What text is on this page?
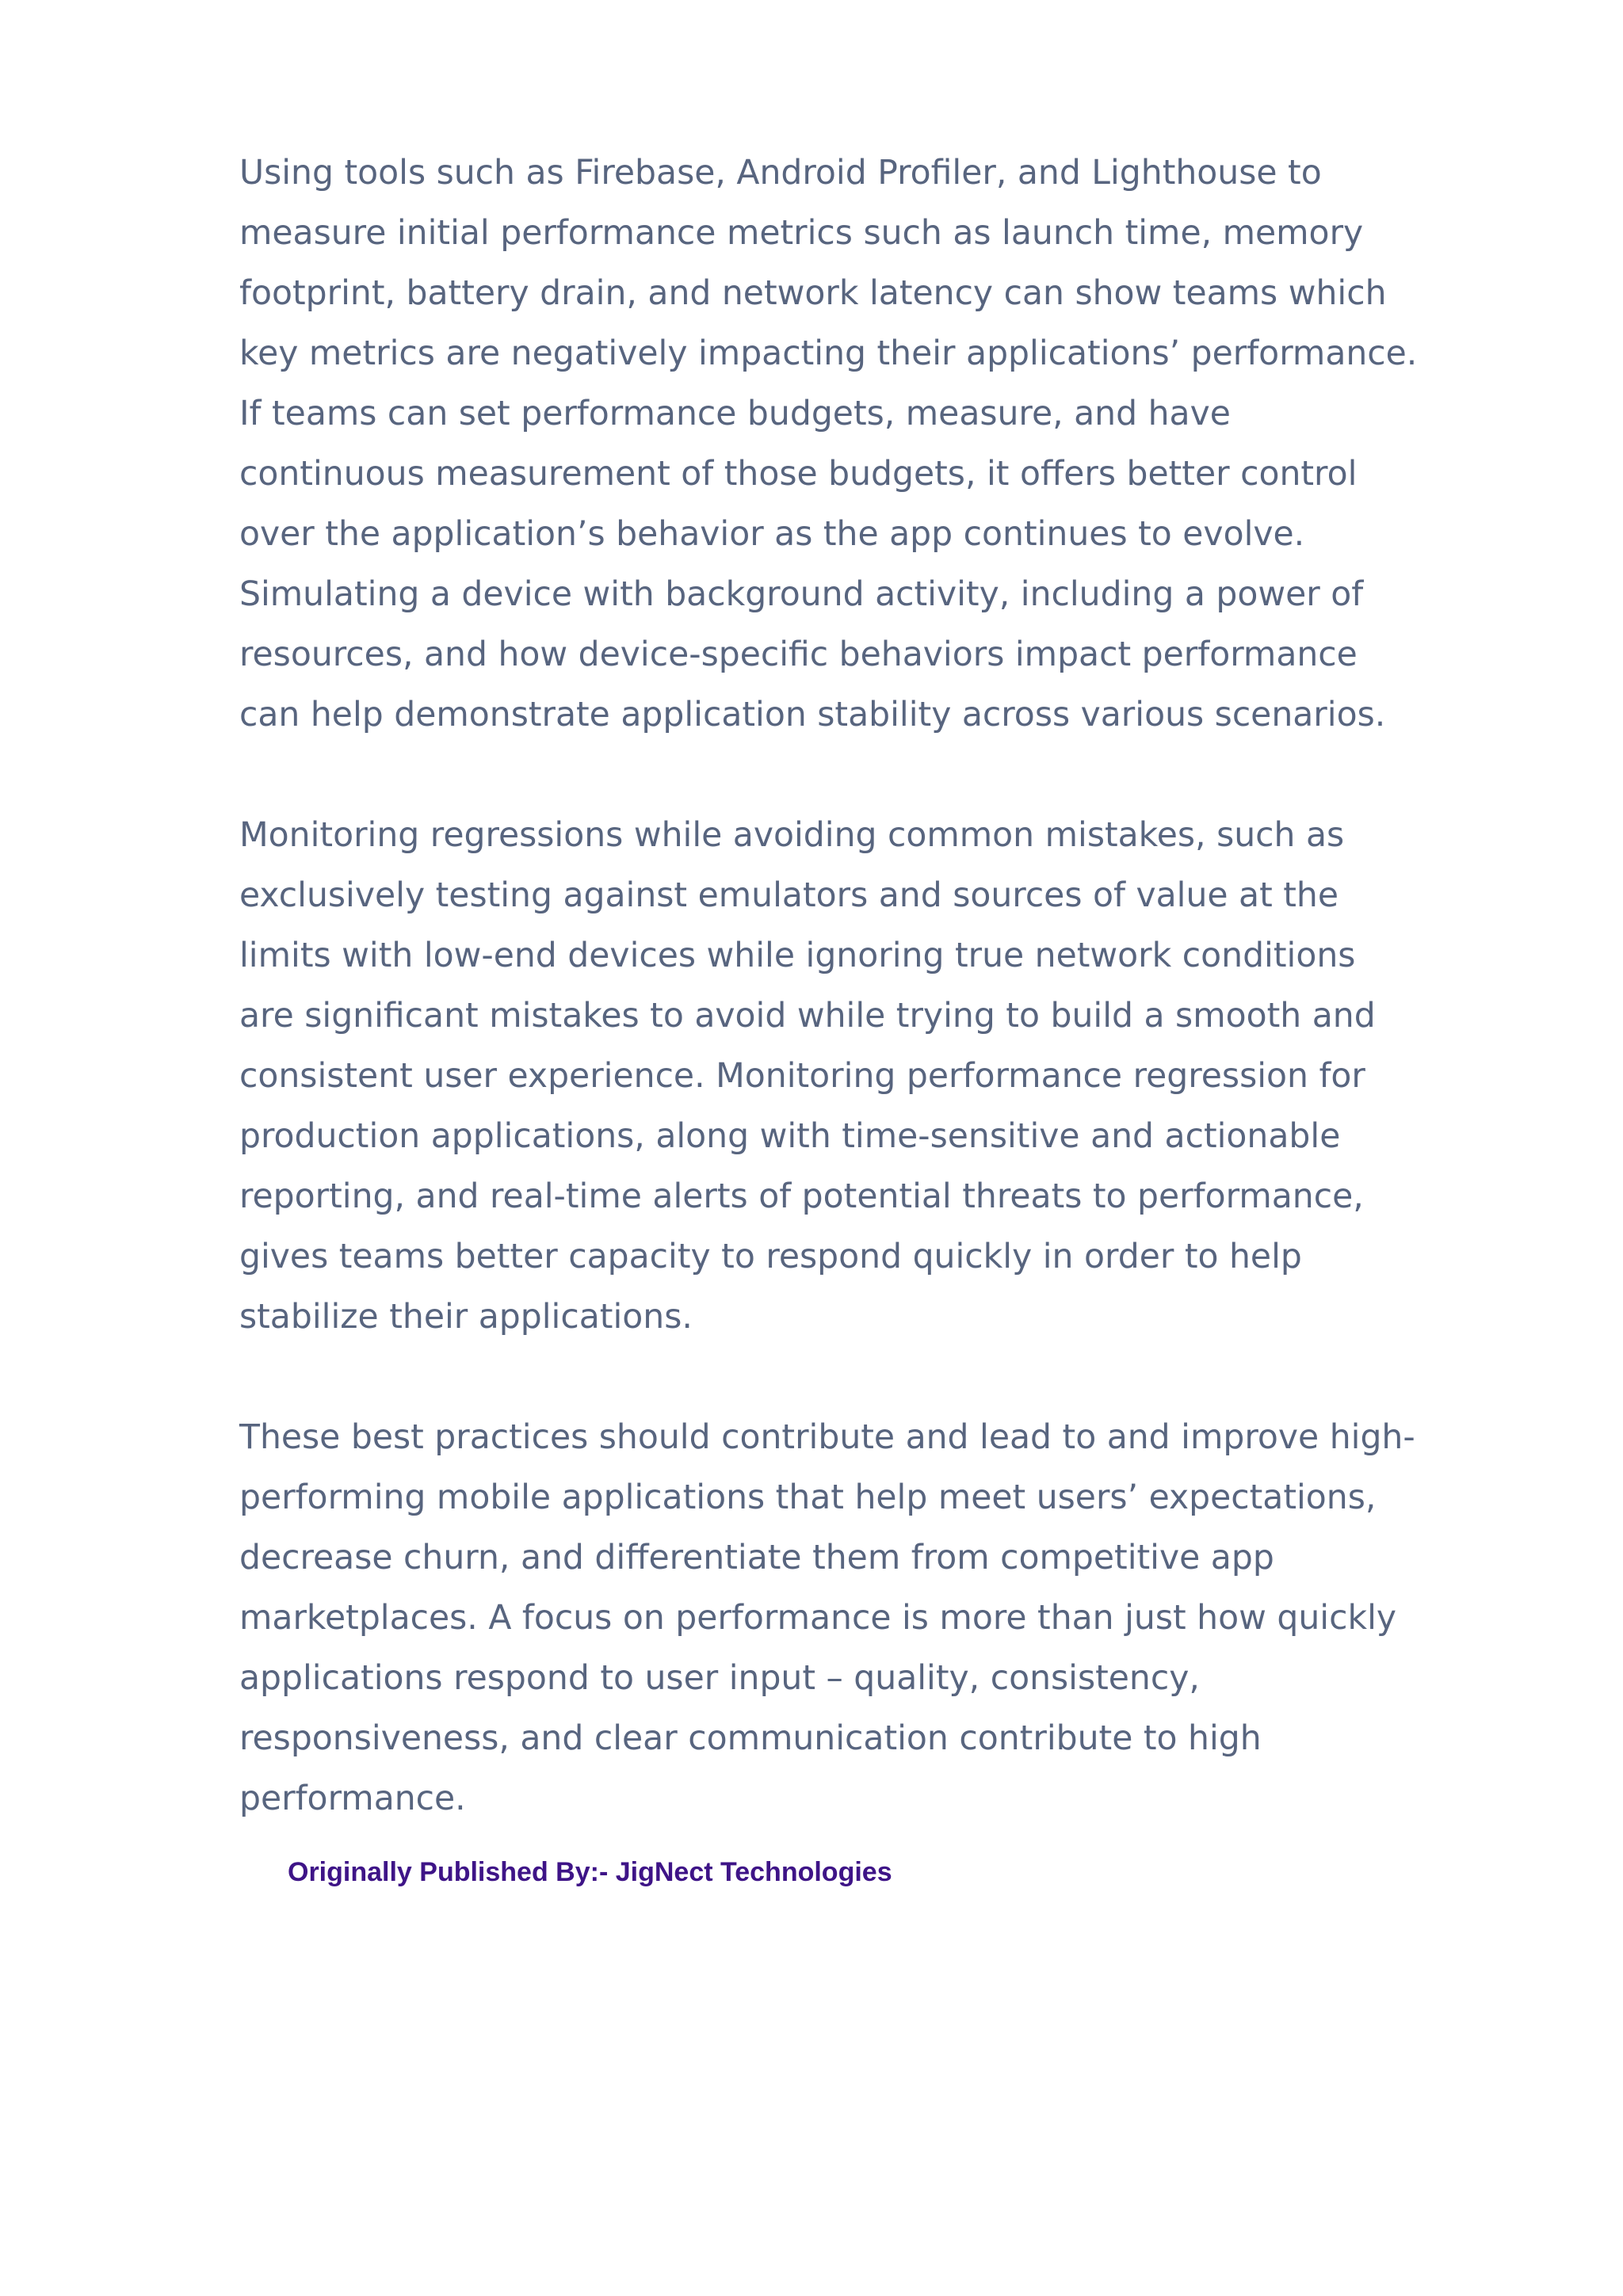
Using tools such as Firebase, Android Profiler, and Lighthouse to
measure initial performance metrics such as launch time, memory
footprint, battery drain, and network latency can show teams which
key metrics are negatively impacting their applications’ performance.
If teams can set performance budgets, measure, and have
continuous measurement of those budgets, it offers better control
over the application’s behavior as the app continues to evolve.
Simulating a device with background activity, including a power of
resources, and how device-specific behaviors impact performance
can help demonstrate application stability across various scenarios.

Monitoring regressions while avoiding common mistakes, such as
exclusively testing against emulators and sources of value at the
limits with low-end devices while ignoring true network conditions
are significant mistakes to avoid while trying to build a smooth and
consistent user experience. Monitoring performance regression for
production applications, along with time-sensitive and actionable
reporting, and real-time alerts of potential threats to performance,
gives teams better capacity to respond quickly in order to help
stabilize their applications.

These best practices should contribute and lead to and improve high-
performing mobile applications that help meet users’ expectations,
decrease churn, and differentiate them from competitive app
marketplaces. A focus on performance is more than just how quickly
applications respond to user input – quality, consistency,
responsiveness, and clear communication contribute to high
performance.

Originally Published By:- JigNect Technologies
